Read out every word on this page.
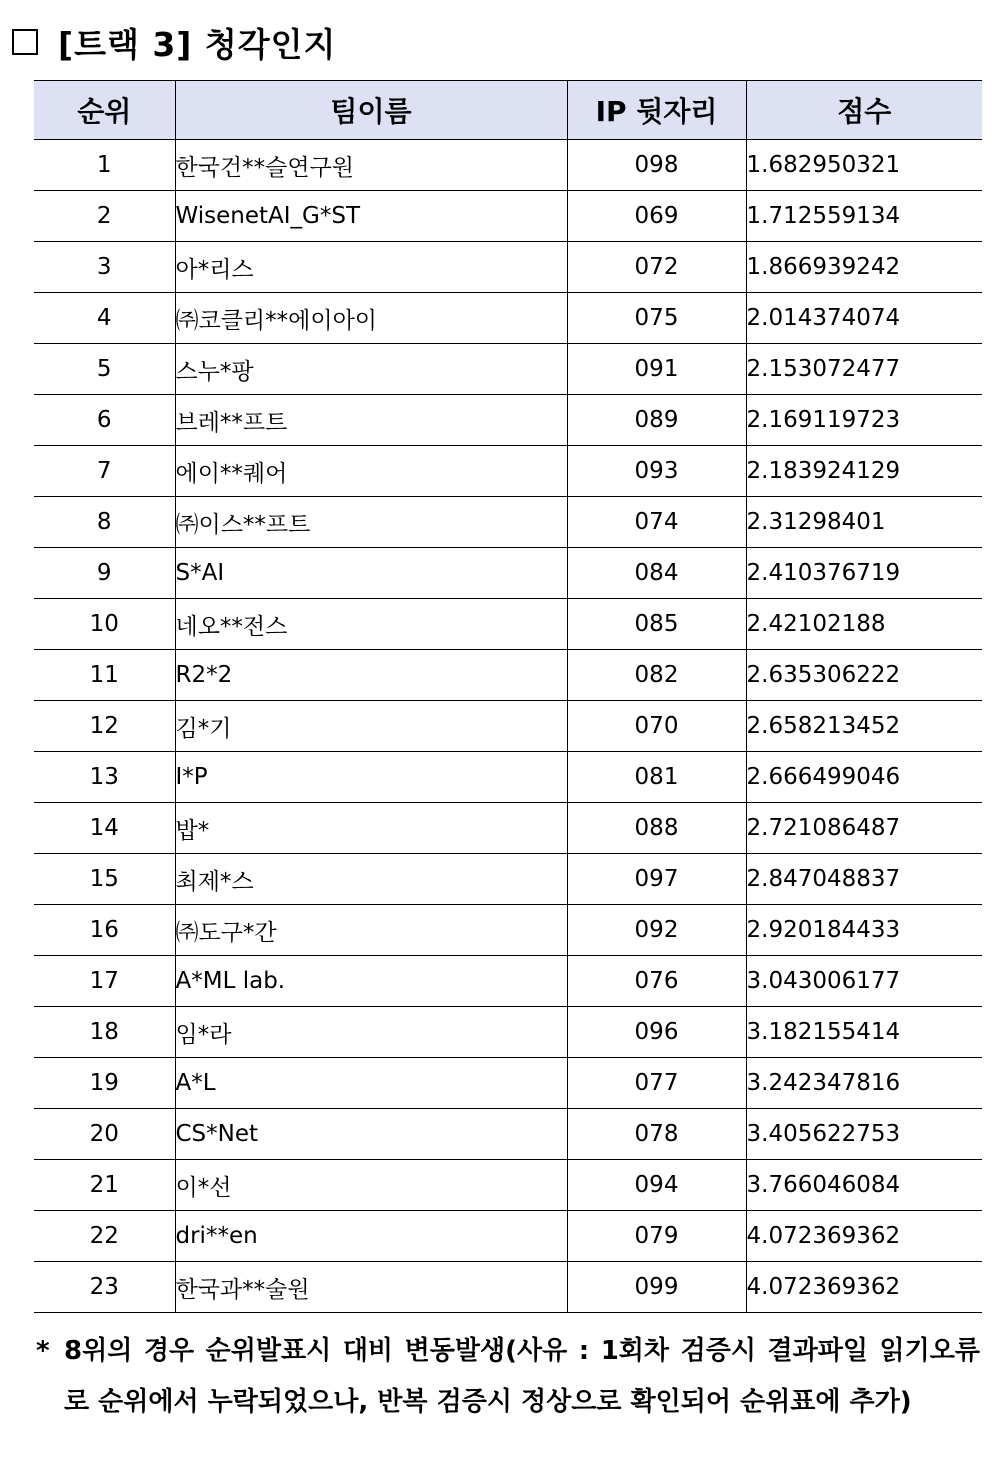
[트랙 3] 청각인지
순위	팀이름	IP 뒷자리	점수
1	한국건**슬연구원	098	1.682950321
2	WisenetAI_G*ST	069	1.712559134
3	아*리스	072	1.866939242
4	㈜코클리**에이아이	075	2.014374074
5	스누*팡	091	2.153072477
6	브레**프트	089	2.169119723
7	에이**퀘어	093	2.183924129
8	㈜이스**프트	074	2.31298401
9	S*AI	084	2.410376719
10	네오**전스	085	2.42102188
11	R2*2	082	2.635306222
12	김*기	070	2.658213452
13	I*P	081	2.666499046
14	밥*	088	2.721086487
15	최제*스	097	2.847048837
16	㈜도구*간	092	2.920184433
17	A*ML lab.	076	3.043006177
18	임*라	096	3.182155414
19	A*L	077	3.242347816
20	CS*Net	078	3.405622753
21	이*선	094	3.766046084
22	dri**en	079	4.072369362
23	한국과**술원	099	4.072369362
* 8위의 경우 순위발표시 대비 변동발생(사유 : 1회차 검증시 결과파일 읽기오류로 순위에서 누락되었으나, 반복 검증시 정상으로 확인되어 순위표에 추가)
